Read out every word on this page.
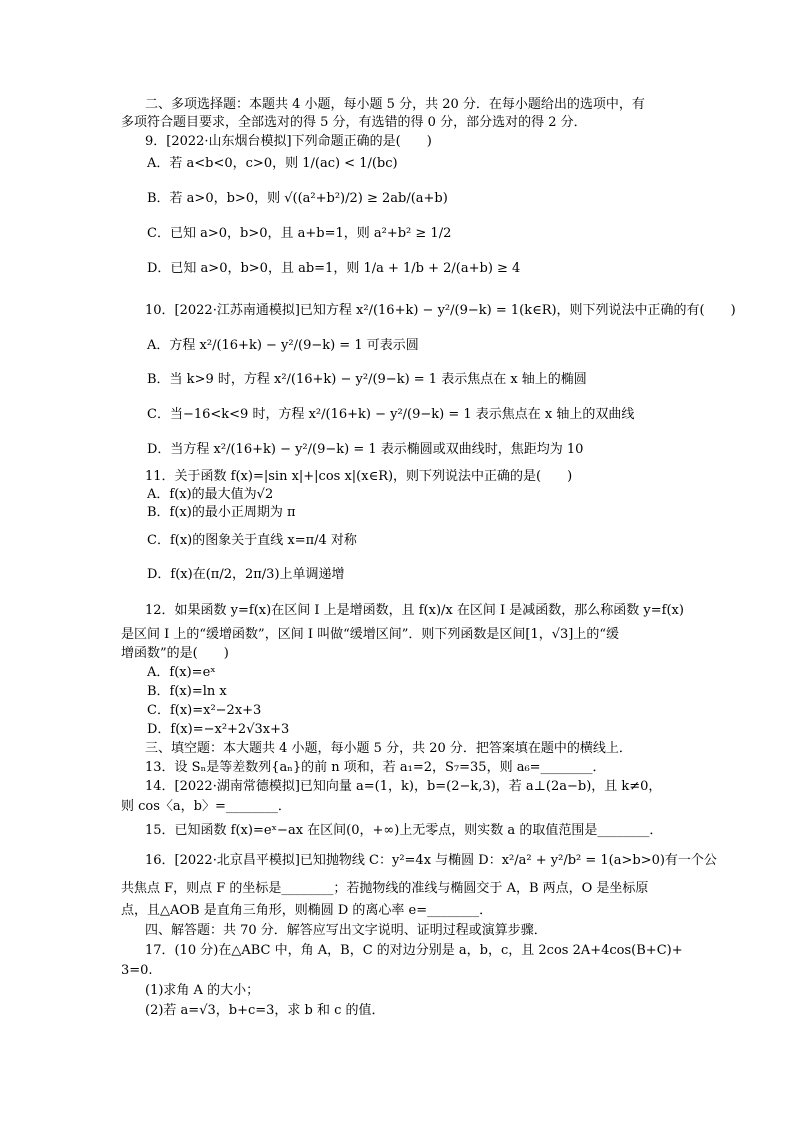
二、多项选择题：本题共 4 小题，每小题 5 分，共 20 分．在每小题给出的选项中，有
多项符合题目要求，全部选对的得 5 分，有选错的得 0 分，部分选对的得 2 分．
9．[2022·山东烟台模拟]下列命题正确的是(　　)
A．若 a<b<0，c>0，则 1/(ac) < 1/(bc)
B．若 a>0，b>0，则 √((a²+b²)/2) ≥ 2ab/(a+b)
C．已知 a>0，b>0，且 a+b=1，则 a²+b² ≥ 1/2
D．已知 a>0，b>0，且 ab=1，则 1/a + 1/b + 2/(a+b) ≥ 4
10．[2022·江苏南通模拟]已知方程 x²/(16+k) − y²/(9−k) = 1(k∈R)，则下列说法中正确的有(　　)
A．方程 x²/(16+k) − y²/(9−k) = 1 可表示圆
B．当 k>9 时，方程 x²/(16+k) − y²/(9−k) = 1 表示焦点在 x 轴上的椭圆
C．当−16<k<9 时，方程 x²/(16+k) − y²/(9−k) = 1 表示焦点在 x 轴上的双曲线
D．当方程 x²/(16+k) − y²/(9−k) = 1 表示椭圆或双曲线时，焦距均为 10
11．关于函数 f(x)=|sin x|+|cos x|(x∈R)，则下列说法中正确的是(　　)
A．f(x)的最大值为√2
B．f(x)的最小正周期为 π
C．f(x)的图象关于直线 x=π/4 对称
D．f(x)在(π/2，2π/3)上单调递增
12．如果函数 y=f(x)在区间 I 上是增函数，且 f(x)/x 在区间 I 是减函数，那么称函数 y=f(x)
是区间 I 上的“缓增函数”，区间 I 叫做“缓增区间”．则下列函数是区间[1，√3]上的“缓
增函数”的是(　　)
A．f(x)=eˣ
B．f(x)=ln x
C．f(x)=x²−2x+3
D．f(x)=−x²+2√3x+3
三、填空题：本大题共 4 小题，每小题 5 分，共 20 分．把答案填在题中的横线上．
13．设 Sₙ是等差数列{aₙ}的前 n 项和，若 a₁=2，S₇=35，则 a₆=________．
14．[2022·湖南常德模拟]已知向量 a=(1，k)，b=(2−k,3)，若 a⊥(2a−b)，且 k≠0，
则 cos〈a，b〉=________．
15．已知函数 f(x)=eˣ−ax 在区间(0，+∞)上无零点，则实数 a 的取值范围是________．
16．[2022·北京昌平模拟]已知抛物线 C：y²=4x 与椭圆 D：x²/a² + y²/b² = 1(a>b>0)有一个公
共焦点 F，则点 F 的坐标是________；若抛物线的准线与椭圆交于 A，B 两点，O 是坐标原
点，且△AOB 是直角三角形，则椭圆 D 的离心率 e=________．
四、解答题：共 70 分．解答应写出文字说明、证明过程或演算步骤．
17．(10 分)在△ABC 中，角 A，B，C 的对边分别是 a，b，c，且 2cos 2A+4cos(B+C)+
3=0.
(1)求角 A 的大小；
(2)若 a=√3，b+c=3，求 b 和 c 的值．
